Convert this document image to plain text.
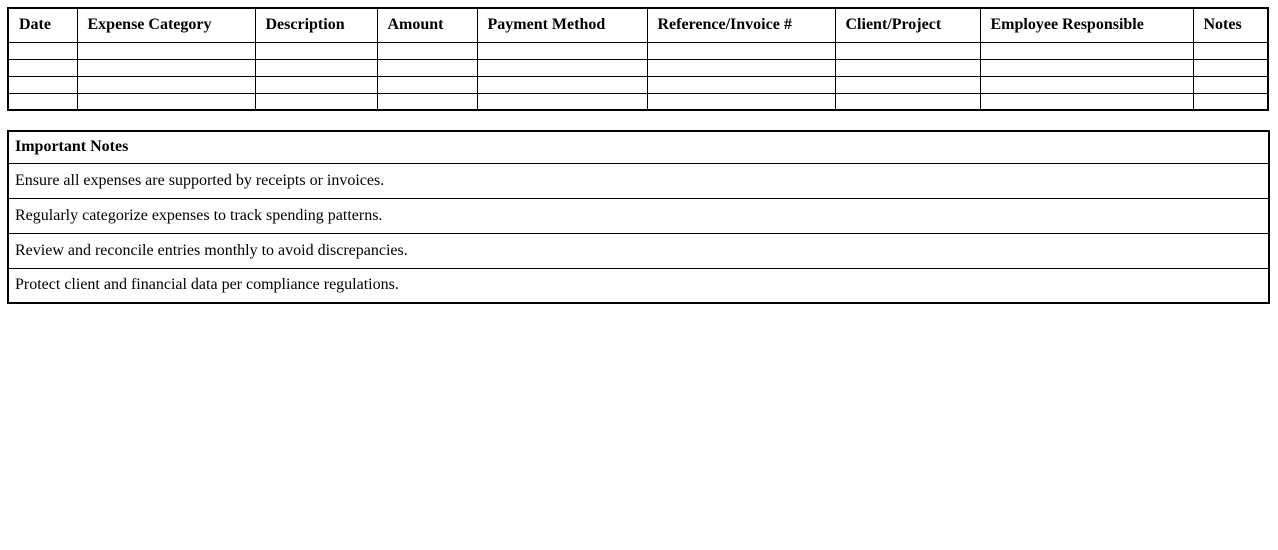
Date	Expense Category	Description	Amount	Payment Method	Reference/Invoice #	Client/Project	Employee Responsible	Notes

Important Notes
Ensure all expenses are supported by receipts or invoices.
Regularly categorize expenses to track spending patterns.
Review and reconcile entries monthly to avoid discrepancies.
Protect client and financial data per compliance regulations.
